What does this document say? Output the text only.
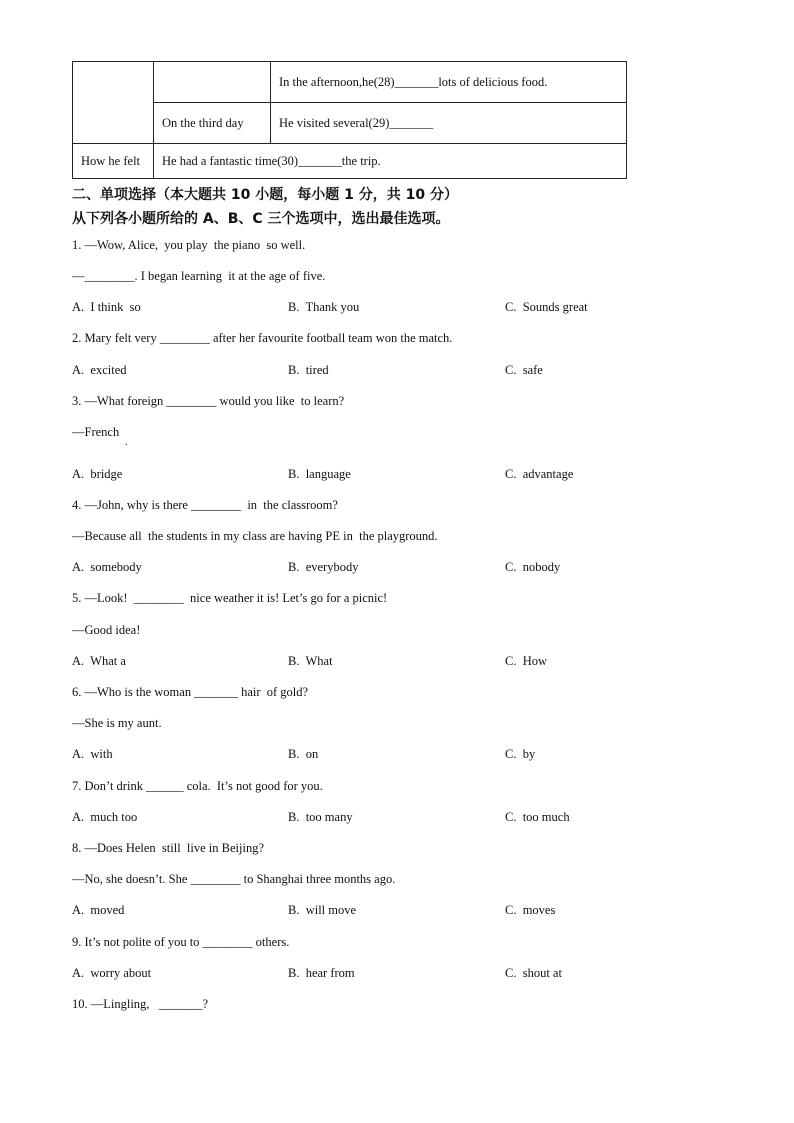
		In the afternoon,he(28)_______lots of delicious food.
	On the third day	He visited several(29)_______
How he felt	He had a fantastic time(30)_______the trip.	
二、单项选择（本大题共 10 小题，每小题 1 分，共 10 分）
从下列各小题所给的 A、B、C 三个选项中，选出最佳选项。
1. —Wow, Alice,  you play  the piano  so well.
—________. I began learning  it at the age of five.
A.  I think  so	B.  Thank you	C.  Sounds great
2. Mary felt very ________ after her favourite football team won the match.
A.  excited	B.  tired	C.  safe
3. —What foreign ________ would you like  to learn?
—French
.
A.  bridge	B.  language	C.  advantage
4. —John, why is there ________  in  the classroom?
—Because all  the students in my class are having PE in  the playground.
A.  somebody	B.  everybody	C.  nobody
5. —Look!  ________  nice weather it is! Let’s go for a picnic!
—Good idea!
A.  What a	B.  What	C.  How
6. —Who is the woman _______ hair  of gold?
—She is my aunt.
A.  with	B.  on	C.  by
7. Don’t drink ______ cola.  It’s not good for you.
A.  much too	B.  too many	C.  too much
8. —Does Helen  still  live in Beijing?
—No, she doesn’t. She ________ to Shanghai three months ago.
A.  moved	B.  will move	C.  moves
9. It’s not polite of you to ________ others.
A.  worry about	B.  hear from	C.  shout at
10. —Lingling,   _______?
